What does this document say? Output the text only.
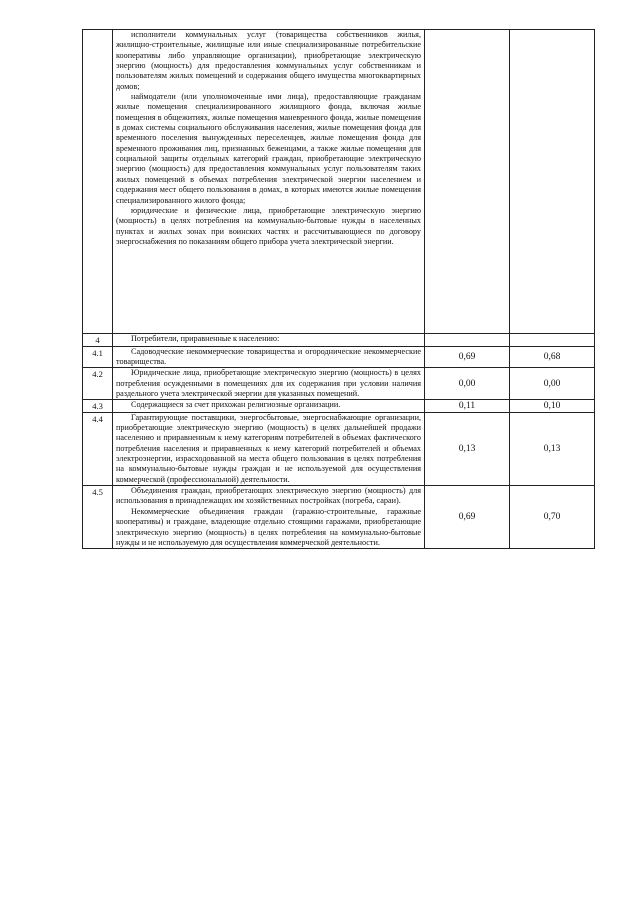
	исполнители коммунальных услуг (товарищества собственников жилья, жилищно-строительные, жилищные или иные специализированные потребительские кооперативы либо управляющие организации), приобретающие электрическую энергию (мощность) для предоставления коммунальных услуг собственникам и пользователям жилых помещений и содержания общего имущества многоквартирных домов;

наймодатели (или уполномоченные ими лица), предоставляющие гражданам жилые помещения специализированного жилищного фонда, включая жилые помещения в общежитиях, жилые помещения маневренного фонда, жилые помещения в домах системы социального обслуживания населения, жилые помещения фонда для временного поселения вынужденных переселенцев, жилые помещения фонда для временного проживания лиц, признанных беженцами, а также жилые помещения для социальной защиты отдельных категорий граждан, приобретающие электрическую энергию (мощность) для предоставления коммунальных услуг пользователям таких жилых помещений в объемах потребления электрической энергии населением и содержания мест общего пользования в домах, в которых имеются жилые помещения специализированного жилого фонда;

юридические и физические лица, приобретающие электрическую энергию (мощность) в целях потребления на коммунально-бытовые нужды в населенных пунктах и жилых зонах при воинских частях и рассчитывающиеся по договору энергоснабжения по показаниям общего прибора учета электрической энергии.		

4	Потребители, приравненные к населению:		

4.1	Садоводческие некоммерческие товарищества и огороднические некоммерческие товарищества.	0,69	0,68
4.2	Юридические лица, приобретающие электрическую энергию (мощность) в целях потребления осужденными в помещениях для их содержания при условии наличия раздельного учета электрической энергии для указанных помещений.	0,00	0,00
4.3	Содержащиеся за счет прихожан религиозные организации.	0,11	0,10
4.4	Гарантирующие поставщики, энергосбытовые, энергоснабжающие организации, приобретающие электрическую энергию (мощность) в целях дальнейшей продажи населению и приравненным к нему категориям потребителей в объемах фактического потребления населения и приравненных к нему категорий потребителей и объемах электроэнергии, израсходованной на места общего пользования в целях потребления на коммунально-бытовые нужды граждан и не используемой для осуществления коммерческой (профессиональной) деятельности.	0,13	0,13
4.5	Объединения граждан, приобретающих электрическую энергию (мощность) для использования в принадлежащих им хозяйственных постройках (погреба, сараи).

Некоммерческие объединения граждан (гаражно-строительные, гаражные кооперативы) и граждане, владеющие отдельно стоящими гаражами, приобретающие электрическую энергию (мощность) в целях потребления на коммунально-бытовые нужды и не используемую для осуществления коммерческой деятельности.	0,69	0,70
